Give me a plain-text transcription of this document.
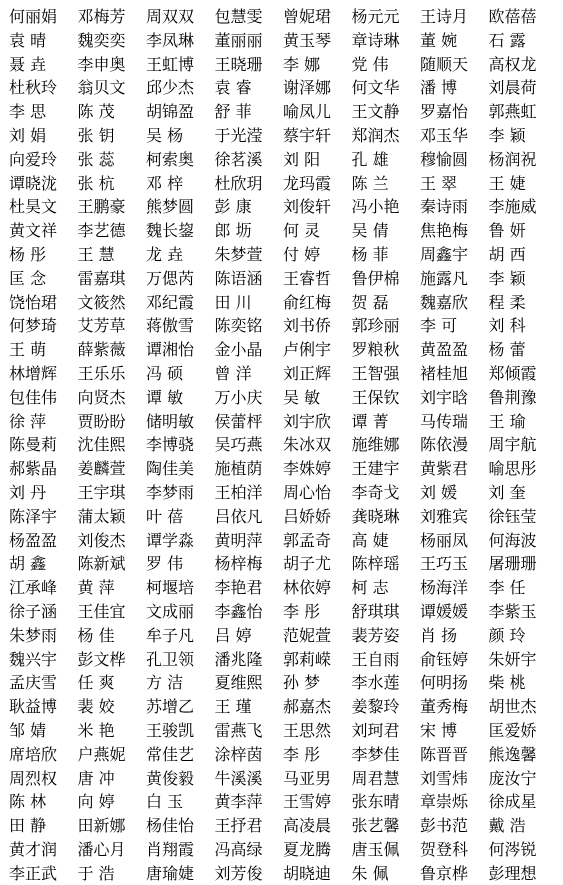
何丽娟	邓梅芳	周双双	包慧雯	曾妮珺	杨元元	王诗月	欧蓓蓓
袁 晴	魏奕奕	李凤琳	董丽丽	黄玉琴	章诗琳	董 婉	石 露
聂 垚	李申奥	王虹博	王晓珊	李 娜	党 伟	随顺天	高权龙
杜秋玲	翁贝文	邱少杰	袁 睿	谢泽娜	何文华	潘 博	刘晨荷
李 思	陈 茂	胡锦盈	舒 菲	喻凤儿	王文静	罗嘉怡	郭燕虹
刘 娟	张 钥	吴 杨	于光滢	蔡宇轩	郑润杰	邓玉华	李 颖
向爱玲	张 蕊	柯索奥	徐茗溪	刘 阳	孔 雄	穆愉圆	杨润祝
谭晓泷	张 杭	邓 梓	杜欣玥	龙玛霞	陈 兰	王 翠	王 婕
杜昊文	王鹏豪	熊梦圆	彭 康	刘俊轩	冯小艳	秦诗雨	李施威
黄文祥	李艺德	魏长鋆	郎 坜	何 灵	吴 倩	焦艳梅	鲁 妍
杨 彤	王 慧	龙 垚	朱梦萱	付 婷	杨 菲	周鑫宇	胡 西
匡 念	雷嘉琪	万偲芮	陈语涵	王睿哲	鲁伊棉	施露凡	李 颖
饶怡珺	文筱然	邓纪霞	田 川	俞红梅	贺 磊	魏嘉欣	程 柔
何梦琦	艾芳草	蒋傲雪	陈奕铭	刘书侨	郭珍丽	李 可	刘 科
王 萌	薛紫薇	谭湘怡	金小晶	卢俐宇	罗粮秋	黄盈盈	杨 蕾
林增辉	王乐乐	冯 硕	曾 洋	刘正辉	王智强	褚桂旭	郑倾霞
包佳伟	向贤杰	谭 敏	万小庆	吴 敏	王保钦	刘宇晗	鲁荆豫
徐 萍	贾盼盼	储明敏	侯蕾枰	刘宇欣	谭 菁	马传瑞	王 瑜
陈曼莉	沈佳熙	李博骁	吴巧燕	朱冰双	施维娜	陈依漫	周宇航
郝紫晶	姜麟萱	陶佳美	施植荫	李姝婷	王建宇	黄紫君	喻思彤
刘 丹	王宇琪	李梦雨	王柏洋	周心怡	李奇戈	刘 媛	刘 奎
陈泽宇	蒲太颖	叶 蓓	吕依凡	吕娇娇	龚晓琳	刘雅宾	徐钰莹
杨盈盈	刘俊杰	谭学淼	黄明萍	郭孟奇	高 婕	杨丽凤	何海波
胡 鑫	陈新斌	罗 伟	杨梓梅	胡子尤	陈梓瑶	王巧玉	屠珊珊
江承峰	黄 萍	柯堰培	李艳君	林依婷	柯 志	杨海洋	李 任
徐子涵	王佳宜	文成丽	李鑫怡	李 彤	舒琪琪	谭媛媛	李紫玉
朱梦雨	杨 佳	牟子凡	吕 婷	范妮萱	裴芳姿	肖 扬	颜 玲
魏兴宇	彭文桦	孔卫领	潘兆隆	郭莉嵘	王自雨	俞钰婷	朱妍宇
孟庆雪	任 爽	方 洁	夏维熙	孙 梦	李水莲	何明扬	柴 桃
耿益博	裴 姣	苏增乙	王 瑾	郝嘉杰	姜黎玲	董秀梅	胡世杰
邹 婧	米 艳	王骏凯	雷燕飞	王思然	刘珂君	宋 博	匡爱娇
席培欣	户燕妮	常佳艺	涂梓茵	李 彤	李梦佳	陈晋晋	熊逸馨
周烈权	唐 冲	黄俊毅	牛溪溪	马亚男	周君慧	刘雪炜	庞汝宁
陈 林	向 婷	白 玉	黄李萍	王雪婷	张东晴	章崇烁	徐成星
田 静	田新娜	杨佳怡	王抒君	高凌晨	张艺馨	彭书范	戴 浩
黄才润	潘心月	肖翔霞	冯高绿	夏龙腾	唐玉佩	贺登科	何涔锐
李正武	于 浩	唐瑜婕	刘芳俊	胡晓迪	朱 佩	鲁京桦	彭理想
